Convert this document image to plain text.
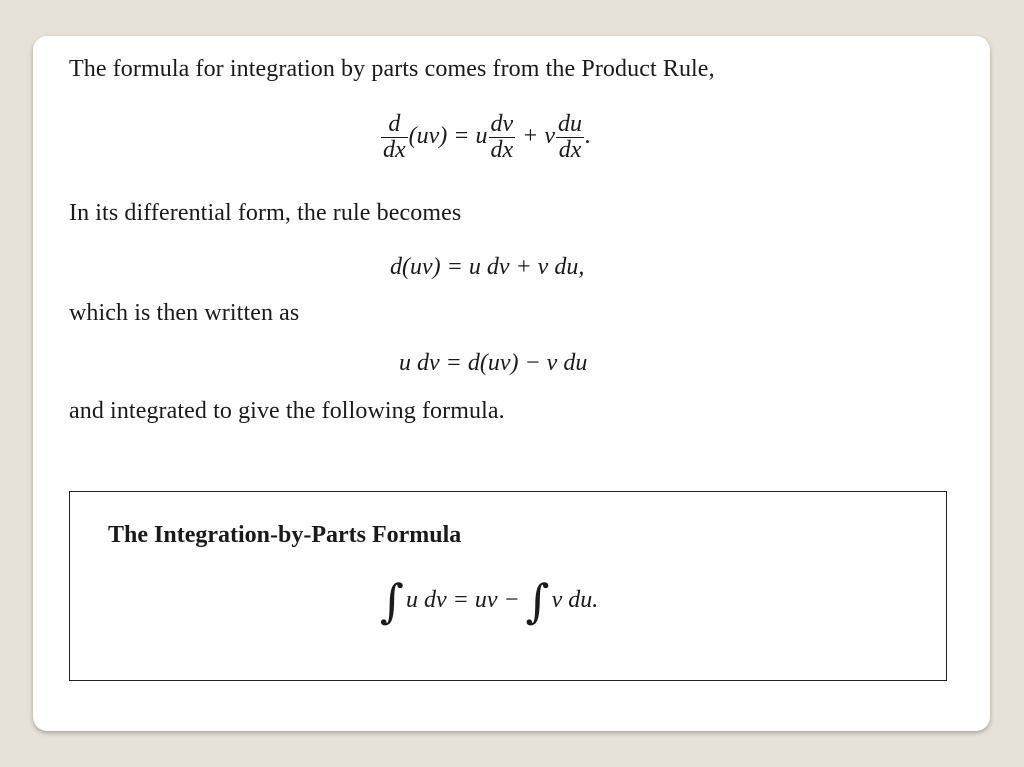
The formula for integration by parts comes from the Product Rule,
$\frac{d}{dx} (uv) = u \frac{dv}{dx} + v \frac{du}{dx}$ .
In its differential form, the rule becomes
d(uv) = u dv + v du,
which is then written as
u dv = d(uv) − v du
and integrated to give the following formula.
The Integration-by-Parts Formula
∫u dv = uv − ∫v du.
